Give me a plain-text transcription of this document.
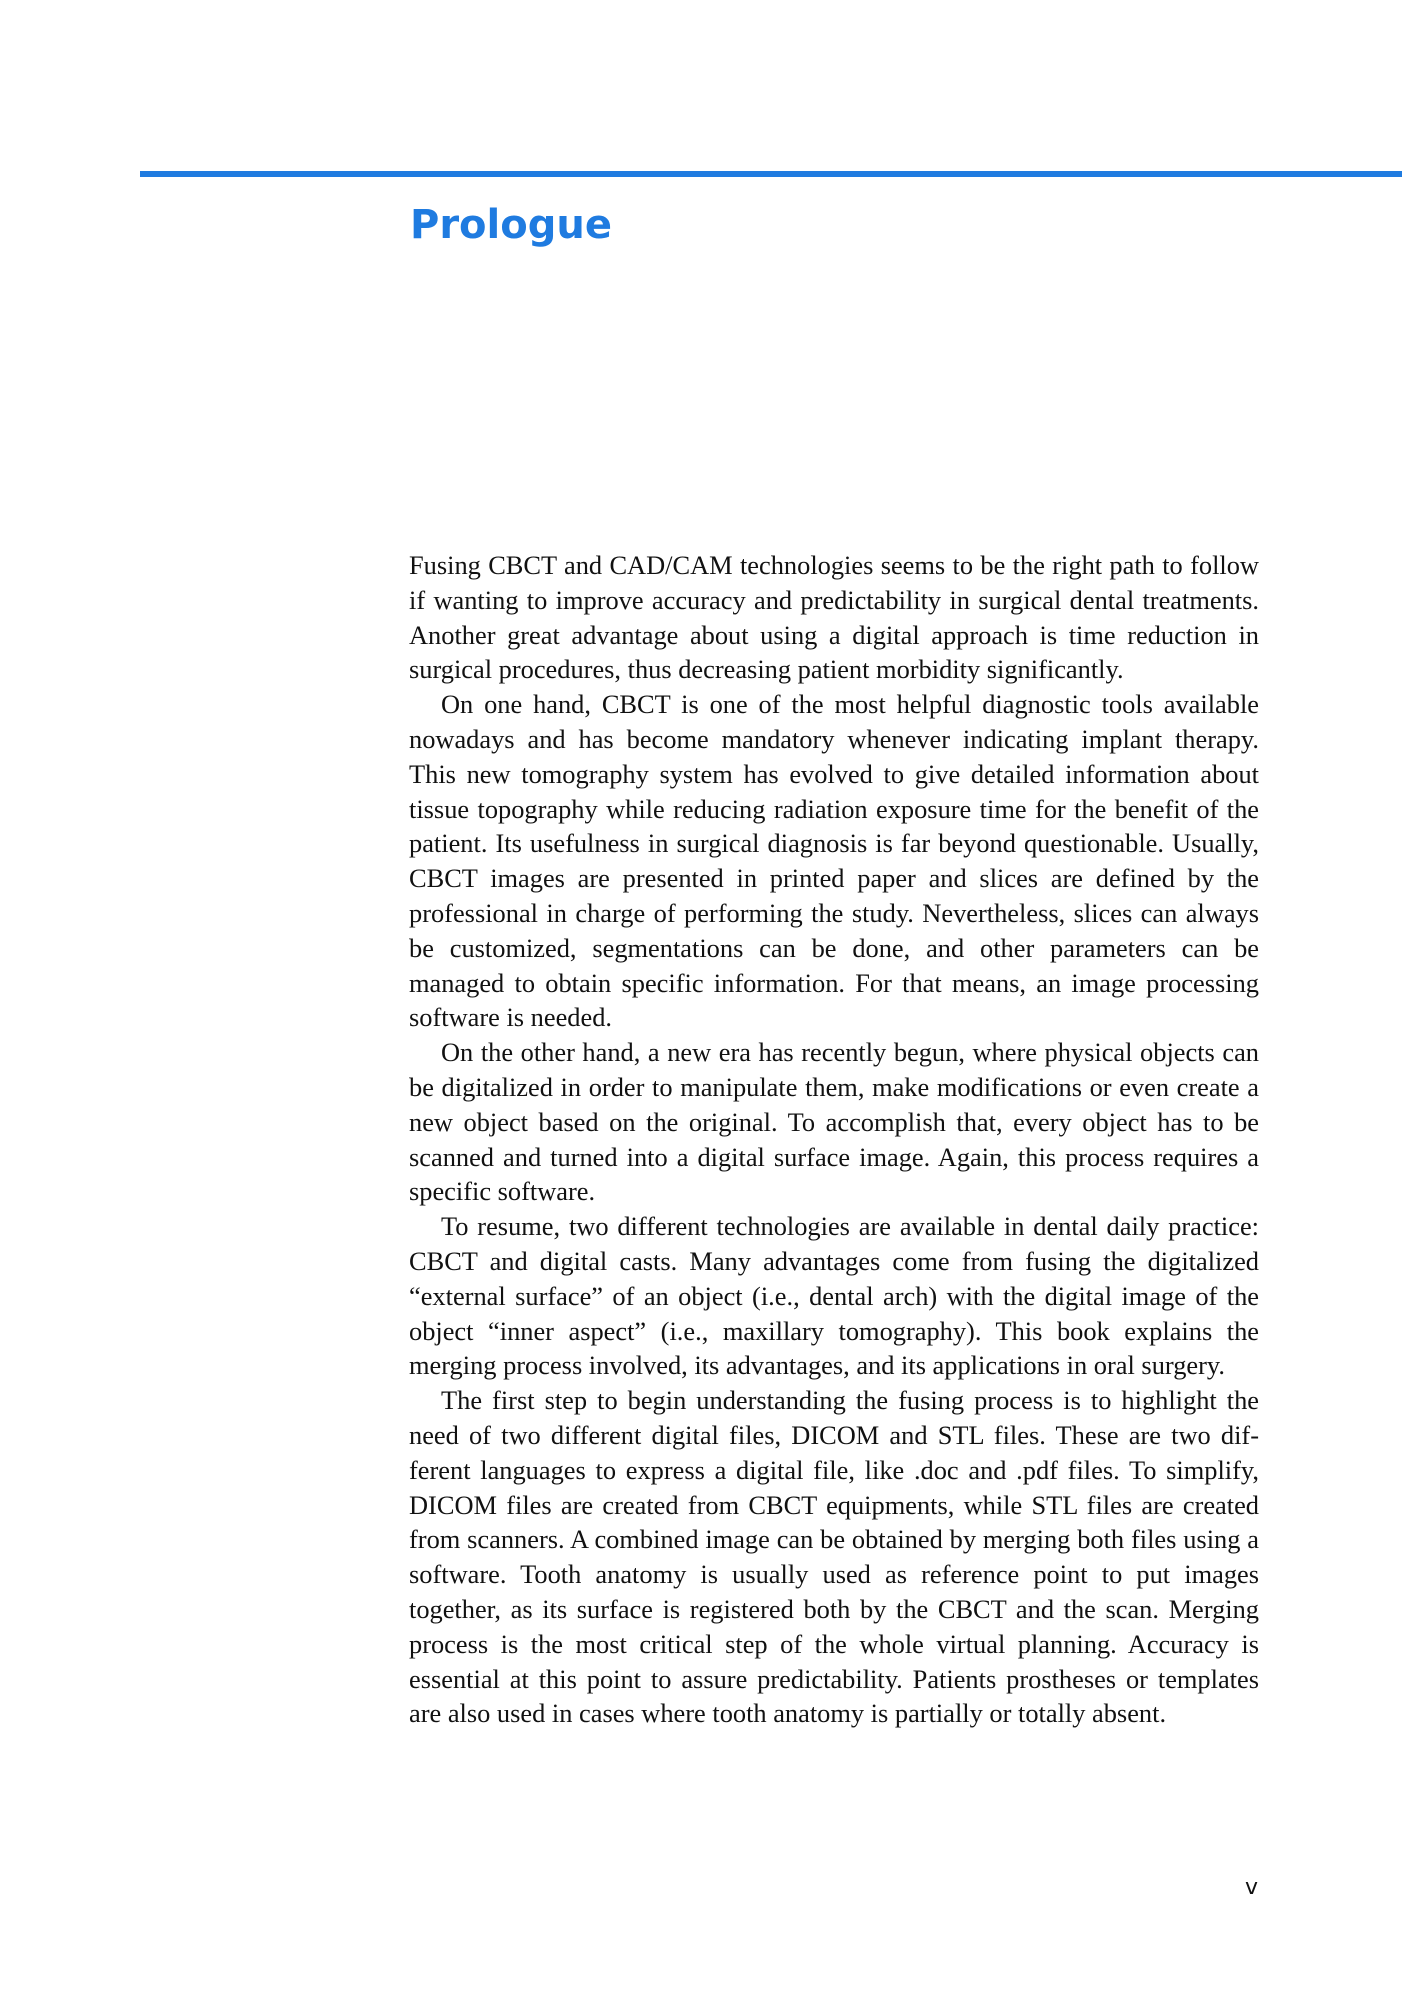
Prologue

Fusing CBCT and CAD/CAM technologies seems to be the right path to follow if wanting to improve accuracy and predictability in surgical dental treatments. Another great advantage about using a digital approach is time reduction in surgical procedures, thus decreasing patient morbidity significantly.

On one hand, CBCT is one of the most helpful diagnostic tools available nowadays and has become mandatory whenever indicating implant therapy. This new tomography system has evolved to give detailed information about tissue topography while reducing radiation exposure time for the benefit of the patient. Its usefulness in surgical diagnosis is far beyond questionable. Usually, CBCT images are presented in printed paper and slices are defined by the professional in charge of performing the study. Nevertheless, slices can always be customized, segmentations can be done, and other parameters can be managed to obtain specific information. For that means, an image processing software is needed.

On the other hand, a new era has recently begun, where physical objects can be digitalized in order to manipulate them, make modifications or even create a new object based on the original. To accomplish that, every object has to be scanned and turned into a digital surface image. Again, this process requires a specific software.

To resume, two different technologies are available in dental daily practice: CBCT and digital casts. Many advantages come from fusing the digitalized “external surface” of an object (i.e., dental arch) with the digital image of the object “inner aspect” (i.e., maxillary tomography). This book explains the merging process involved, its advantages, and its applications in oral surgery.

The first step to begin understanding the fusing process is to highlight the need of two different digital files, DICOM and STL files. These are two different languages to express a digital file, like .doc and .pdf files. To simplify, DICOM files are created from CBCT equipments, while STL files are created from scanners. A combined image can be obtained by merging both files using a software. Tooth anatomy is usually used as reference point to put images together, as its surface is registered both by the CBCT and the scan. Merging process is the most critical step of the whole virtual planning. Accuracy is essential at this point to assure predictability. Patients prostheses or templates are also used in cases where tooth anatomy is partially or totally absent.

v
